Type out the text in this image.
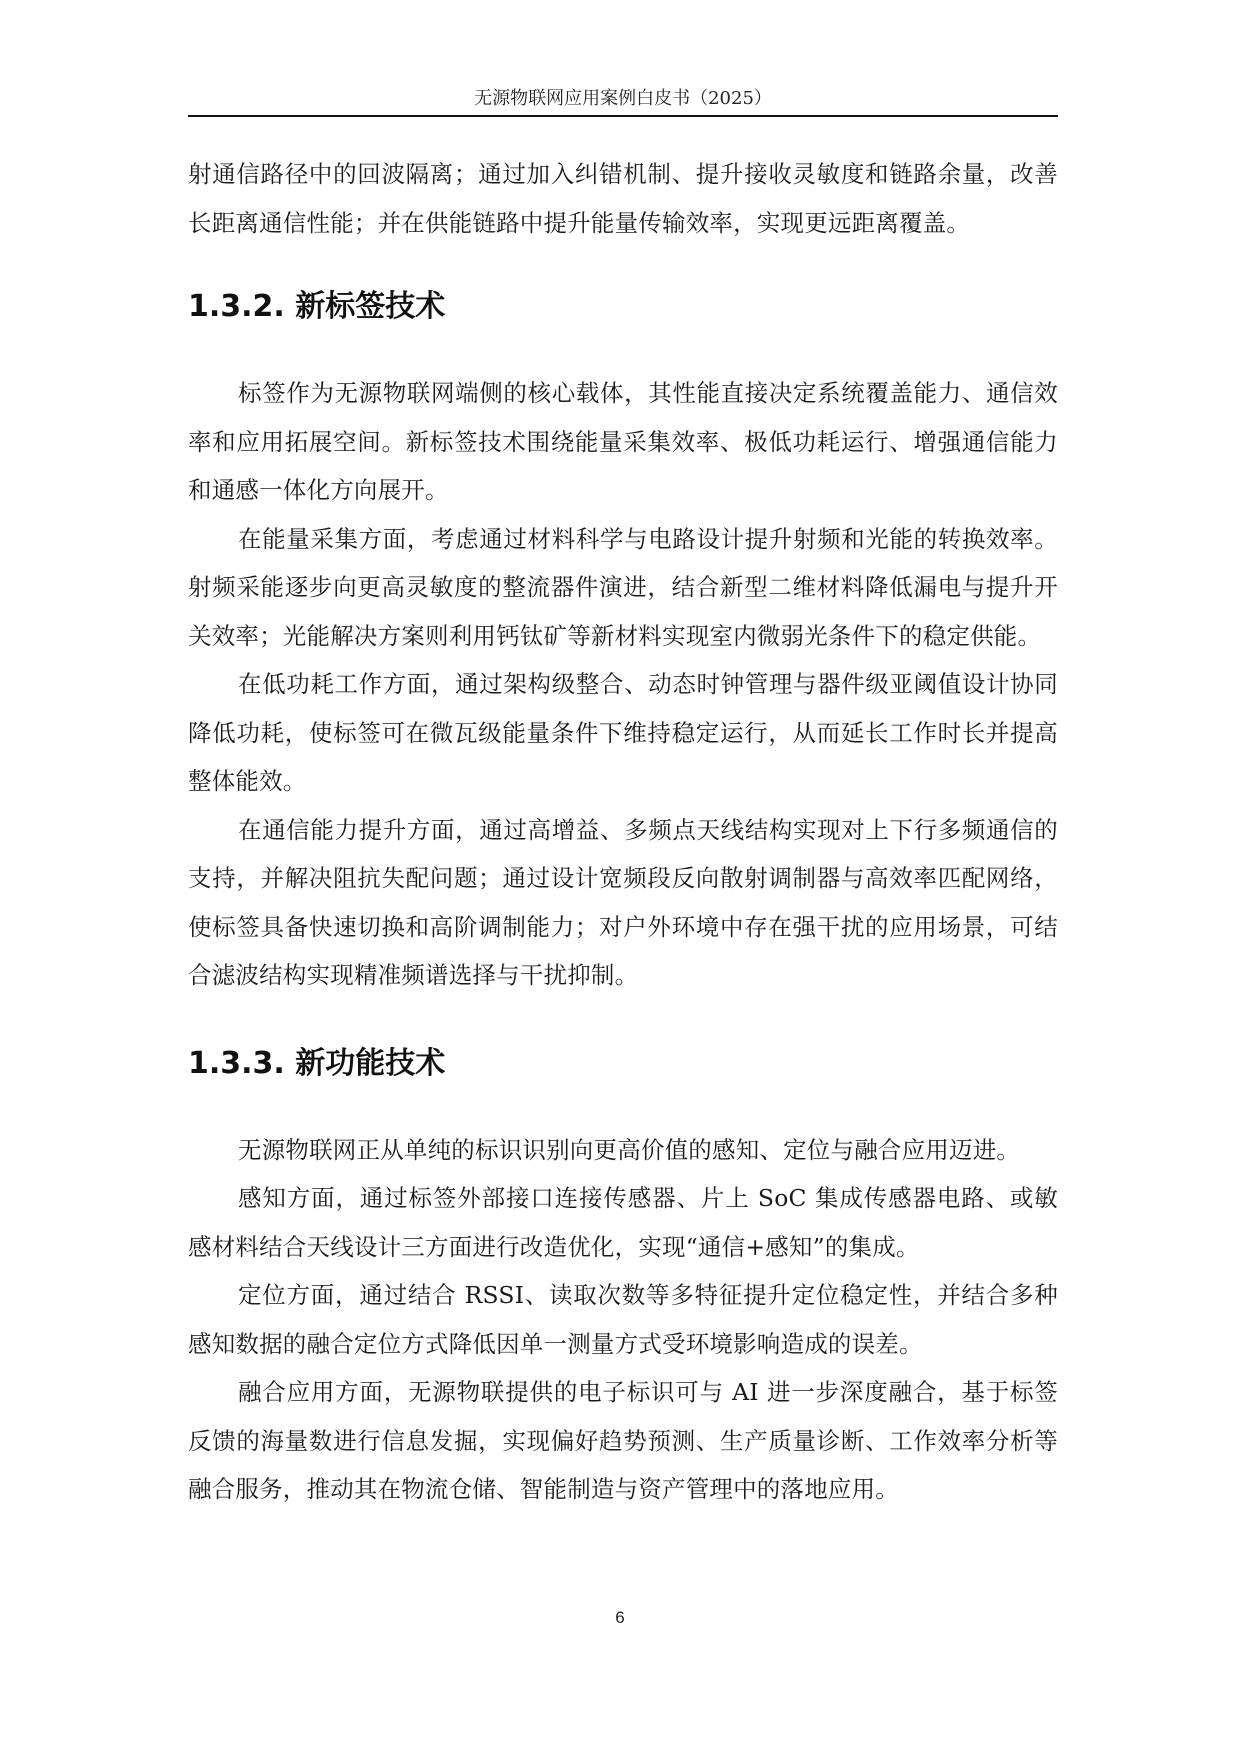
无源物联网应用案例白皮书（2025）

射通信路径中的回波隔离；通过加入纠错机制、提升接收灵敏度和链路余量，改善长距离通信性能；并在供能链路中提升能量传输效率，实现更远距离覆盖。

1.3.2. 新标签技术

标签作为无源物联网端侧的核心载体，其性能直接决定系统覆盖能力、通信效率和应用拓展空间。新标签技术围绕能量采集效率、极低功耗运行、增强通信能力和通感一体化方向展开。

在能量采集方面，考虑通过材料科学与电路设计提升射频和光能的转换效率。射频采能逐步向更高灵敏度的整流器件演进，结合新型二维材料降低漏电与提升开关效率；光能解决方案则利用钙钛矿等新材料实现室内微弱光条件下的稳定供能。

在低功耗工作方面，通过架构级整合、动态时钟管理与器件级亚阈值设计协同降低功耗，使标签可在微瓦级能量条件下维持稳定运行，从而延长工作时长并提高整体能效。

在通信能力提升方面，通过高增益、多频点天线结构实现对上下行多频通信的支持，并解决阻抗失配问题；通过设计宽频段反向散射调制器与高效率匹配网络，使标签具备快速切换和高阶调制能力；对户外环境中存在强干扰的应用场景，可结合滤波结构实现精准频谱选择与干扰抑制。

1.3.3. 新功能技术

无源物联网正从单纯的标识识别向更高价值的感知、定位与融合应用迈进。

感知方面，通过标签外部接口连接传感器、片上 SoC 集成传感器电路、或敏感材料结合天线设计三方面进行改造优化，实现“通信+感知”的集成。

定位方面，通过结合 RSSI、读取次数等多特征提升定位稳定性，并结合多种感知数据的融合定位方式降低因单一测量方式受环境影响造成的误差。

融合应用方面，无源物联提供的电子标识可与 AI 进一步深度融合，基于标签反馈的海量数进行信息发掘，实现偏好趋势预测、生产质量诊断、工作效率分析等融合服务，推动其在物流仓储、智能制造与资产管理中的落地应用。

6
